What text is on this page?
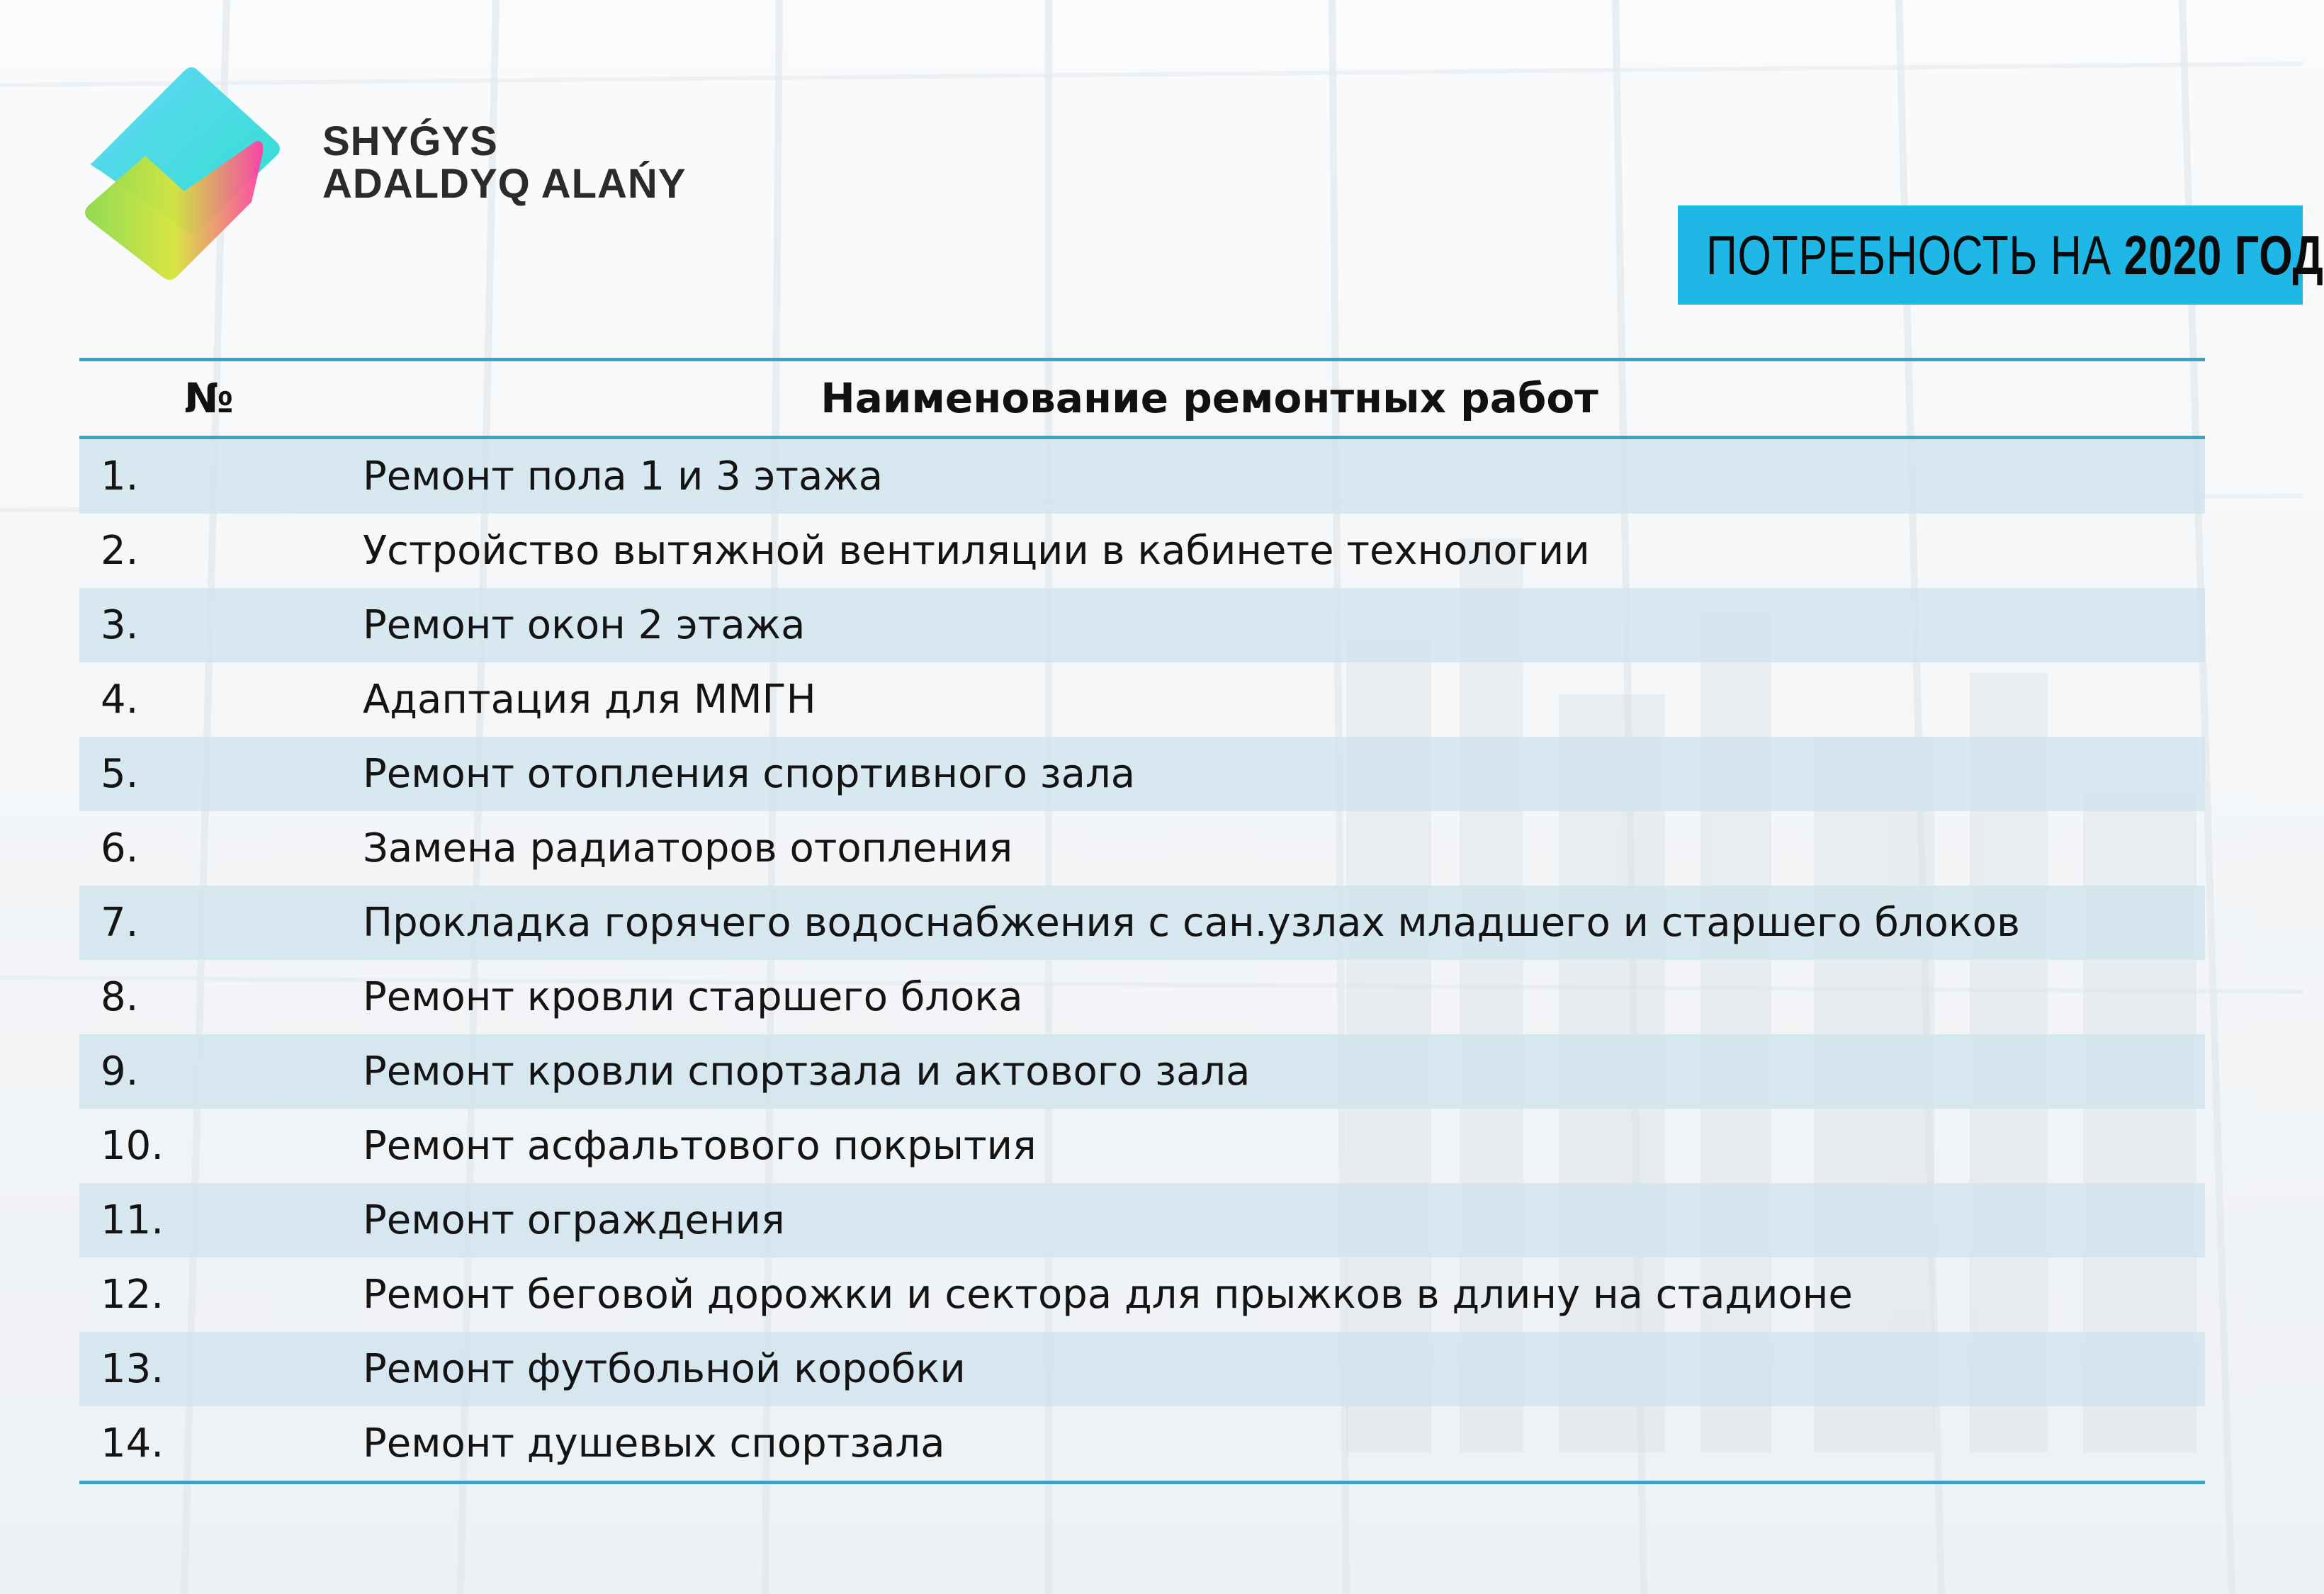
SHYǴYS
ADALDYQ ALAŃY
ПОТРЕБНОСТЬ НА 2020 ГОД
№	Наименование ремонтных работ
1.	Ремонт пола 1 и 3 этажа
2.	Устройство вытяжной вентиляции в кабинете технологии
3.	Ремонт окон 2 этажа
4.	Адаптация для ММГН
5.	Ремонт отопления спортивного зала
6.	Замена радиаторов отопления
7.	Прокладка горячего водоснабжения с сан.узлах младшего и старшего блоков
8.	Ремонт кровли старшего блока
9.	Ремонт кровли спортзала и актового зала
10.	Ремонт асфальтового покрытия
11.	Ремонт ограждения
12.	Ремонт беговой дорожки и сектора для прыжков в длину на стадионе
13.	Ремонт футбольной коробки
14.	Ремонт душевых спортзала
